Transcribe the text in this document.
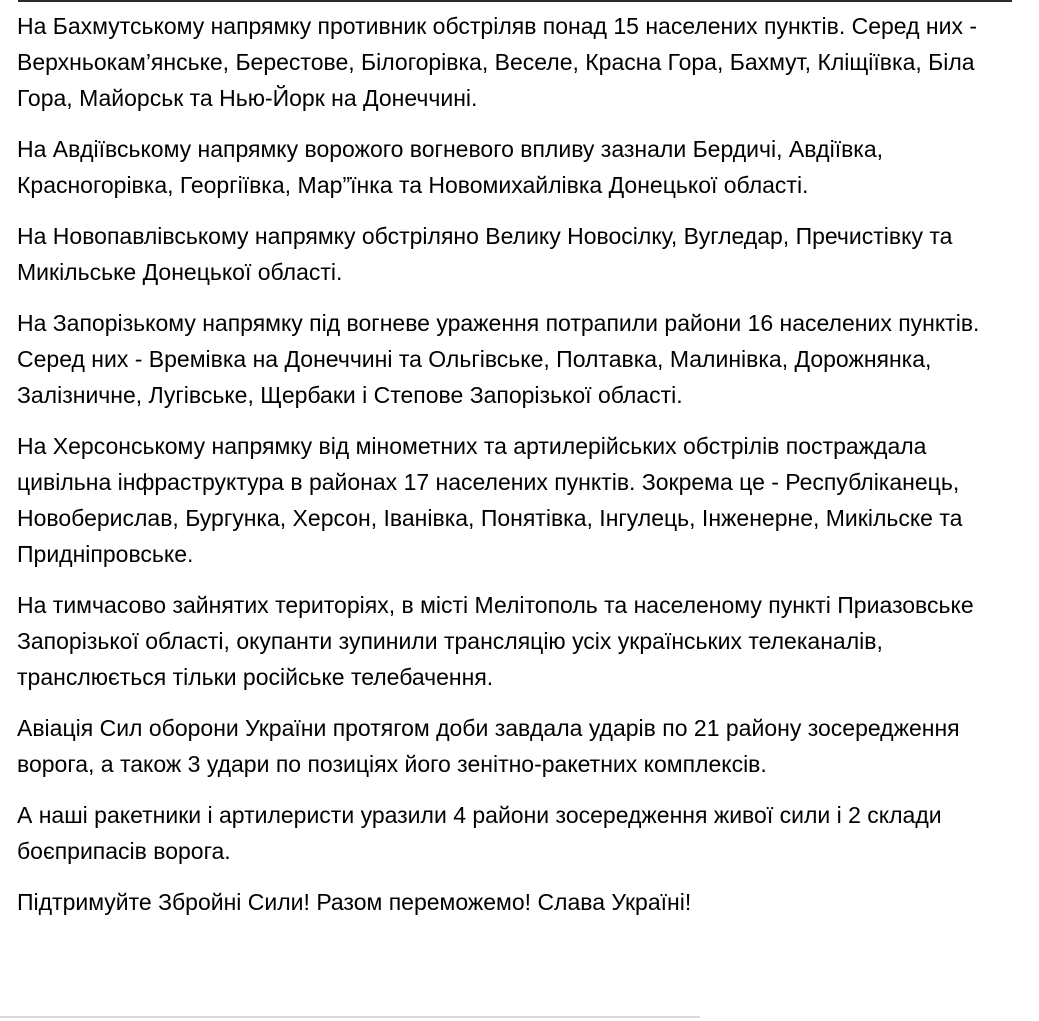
На Бахмутському напрямку противник обстріляв понад 15 населених пунктів. Серед них - Верхньокам’янське, Берестове, Білогорівка, Веселе, Красна Гора, Бахмут, Кліщіївка, Біла Гора, Майорськ та Нью-Йорк на Донеччині.

На Авдіївському напрямку ворожого вогневого впливу зазнали Бердичі, Авдіївка, Красногорівка, Георгіївка, Мар”їнка та Новомихайлівка Донецької області.

На Новопавлівському напрямку обстріляно Велику Новосілку, Вугледар, Пречистівку та Микільське Донецької області.

На Запорізькому напрямку під вогневе ураження потрапили райони 16 населених пунктів.  Серед них - Времівка на Донеччині та Ольгівське, Полтавка, Малинівка, Дорожнянка, Залізничне, Лугівське, Щербаки і Степове Запорізької області.

На Херсонському напрямку від мінометних та артилерійських обстрілів постраждала цивільна інфраструктура в районах 17 населених пунктів. Зокрема це - Республіканець, Новоберислав, Бургунка, Херсон, Іванівка, Понятівка, Інгулець, Інженерне, Микільске та Придніпровське.

На тимчасово зайнятих територіях, в місті Мелітополь та населеному пункті Приазовське Запорізької області, окупанти зупинили трансляцію усіх українських телеканалів, транслюється тільки російське телебачення.

Авіація Сил оборони України протягом доби завдала ударів по 21 району зосередження ворога, а також 3 удари по позиціях його зенітно-ракетних комплексів.

А наші ракетники і артилеристи уразили 4 райони зосередження живої сили і 2 склади боєприпасів ворога.

Підтримуйте Збройні Сили! Разом переможемо! Слава Україні!
